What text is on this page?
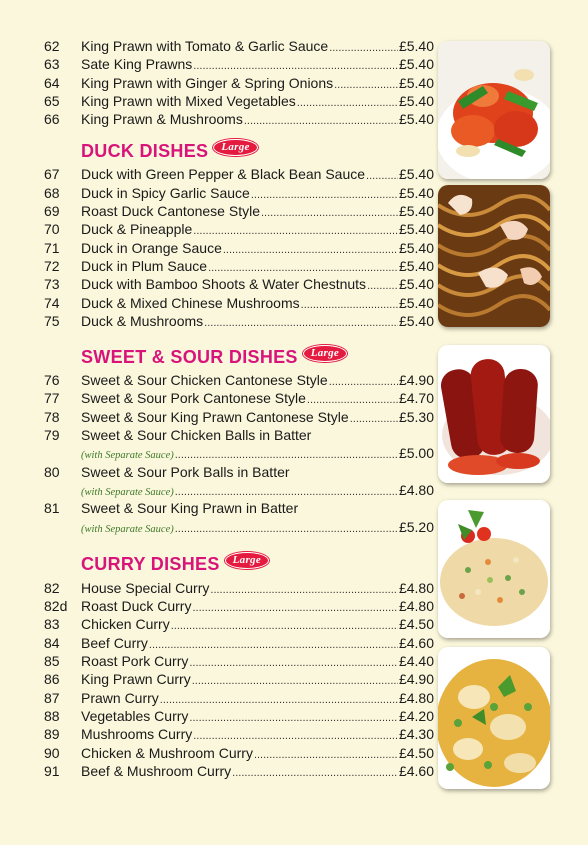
62	King Prawn with Tomato & Garlic Sauce .....	£5.40
63	Sate King Prawns .....	£5.40
64	King Prawn with Ginger & Spring Onions .....	£5.40
65	King Prawn with Mixed Vegetables .....	£5.40
66	King Prawn & Mushrooms .....	£5.40
DUCK DISHES	Large
67	Duck with Green Pepper & Black Bean Sauce ..... £5.40
68	Duck in Spicy Garlic Sauce .....	£5.40
69	Roast Duck Cantonese Style .....	£5.40
70	Duck & Pineapple .....	£5.40
71	Duck in Orange Sauce .....	£5.40
72	Duck in Plum Sauce .....	£5.40
73	Duck with Bamboo Shoots & Water Chestnuts ..... £5.40
74	Duck & Mixed Chinese Mushrooms .....	£5.40
75	Duck & Mushrooms .....	£5.40
SWEET & SOUR DISHES	Large
76	Sweet & Sour Chicken Cantonese Style .....	£4.90
77	Sweet & Sour Pork Cantonese Style .....	£4.70
78	Sweet & Sour King Prawn Cantonese Style .....	£5.30
79	Sweet & Sour Chicken Balls in Batter
(with Separate Sauce) .....	£5.00
80	Sweet & Sour Pork Balls in Batter
(with Separate Sauce) .....	£4.80
81	Sweet & Sour King Prawn in Batter
(with Separate Sauce) .....	£5.20
CURRY DISHES	Large
82	House Special Curry .....	£4.80
82d Roast Duck Curry .....	£4.80
83	Chicken Curry .....	£4.50
84	Beef Curry .....	£4.60
85	Roast Pork Curry .....	£4.40
86	King Prawn Curry .....	£4.90
87	Prawn Curry .....	£4.80
88	Vegetables Curry .....	£4.20
89	Mushrooms Curry .....	£4.30
90	Chicken & Mushroom Curry .....	£4.50
91	Beef & Mushroom Curry .....	£4.60
